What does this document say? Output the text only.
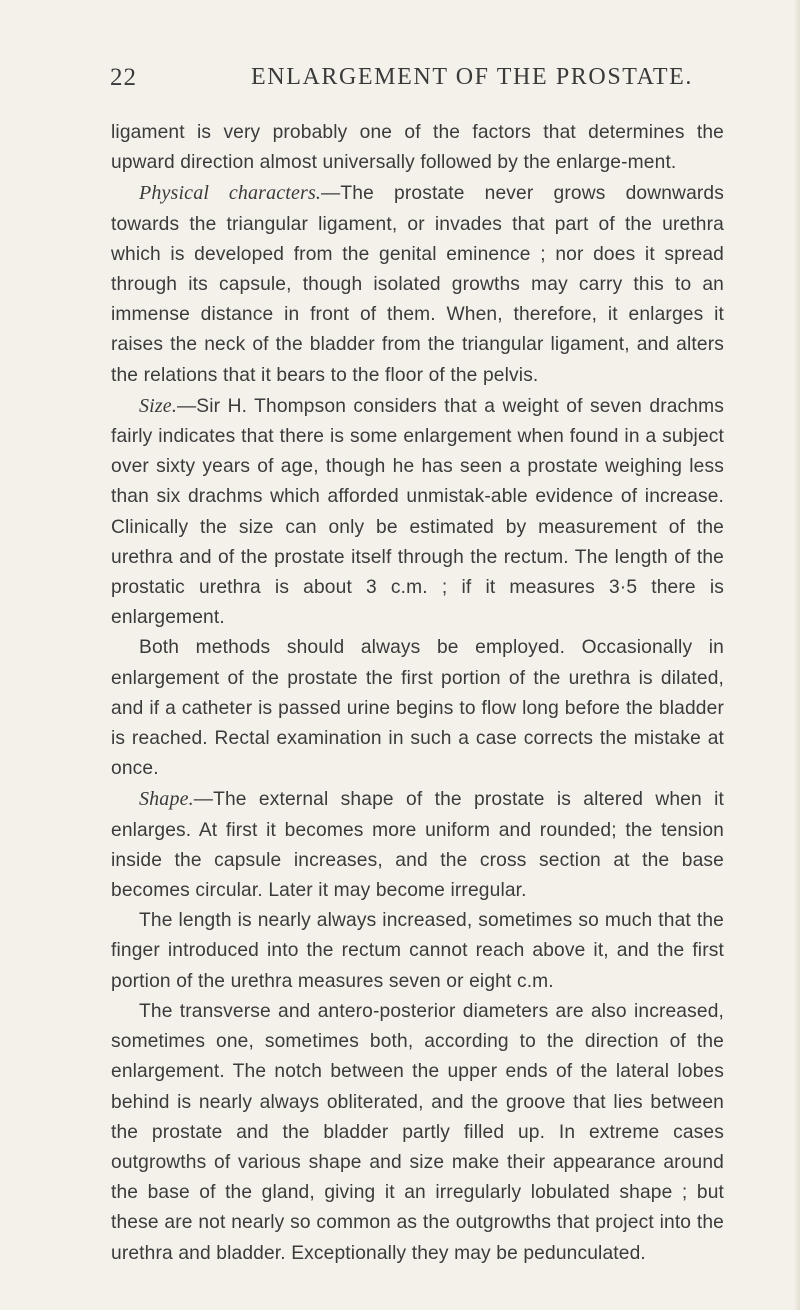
22	ENLARGEMENT OF THE PROSTATE.

ligament is very probably one of the factors that determines the upward direction almost universally followed by the enlarge-ment.

Physical characters.—The prostate never grows downwards towards the triangular ligament, or invades that part of the urethra which is developed from the genital eminence ; nor does it spread through its capsule, though isolated growths may carry this to an immense distance in front of them. When, therefore, it enlarges it raises the neck of the bladder from the triangular ligament, and alters the relations that it bears to the floor of the pelvis.

Size.—Sir H. Thompson considers that a weight of seven drachms fairly indicates that there is some enlargement when found in a subject over sixty years of age, though he has seen a prostate weighing less than six drachms which afforded unmistak-able evidence of increase. Clinically the size can only be estimated by measurement of the urethra and of the prostate itself through the rectum. The length of the prostatic urethra is about 3 c.m. ; if it measures 3·5 there is enlargement.

Both methods should always be employed. Occasionally in enlargement of the prostate the first portion of the urethra is dilated, and if a catheter is passed urine begins to flow long before the bladder is reached. Rectal examination in such a case corrects the mistake at once.

Shape.—The external shape of the prostate is altered when it enlarges. At first it becomes more uniform and rounded; the tension inside the capsule increases, and the cross section at the base becomes circular. Later it may become irregular.

The length is nearly always increased, sometimes so much that the finger introduced into the rectum cannot reach above it, and the first portion of the urethra measures seven or eight c.m.

The transverse and antero-posterior diameters are also increased, sometimes one, sometimes both, according to the direction of the enlargement. The notch between the upper ends of the lateral lobes behind is nearly always obliterated, and the groove that lies between the prostate and the bladder partly filled up. In extreme cases outgrowths of various shape and size make their appearance around the base of the gland, giving it an irregularly lobulated shape ; but these are not nearly so common as the outgrowths that project into the urethra and bladder. Exceptionally they may be pedunculated.
